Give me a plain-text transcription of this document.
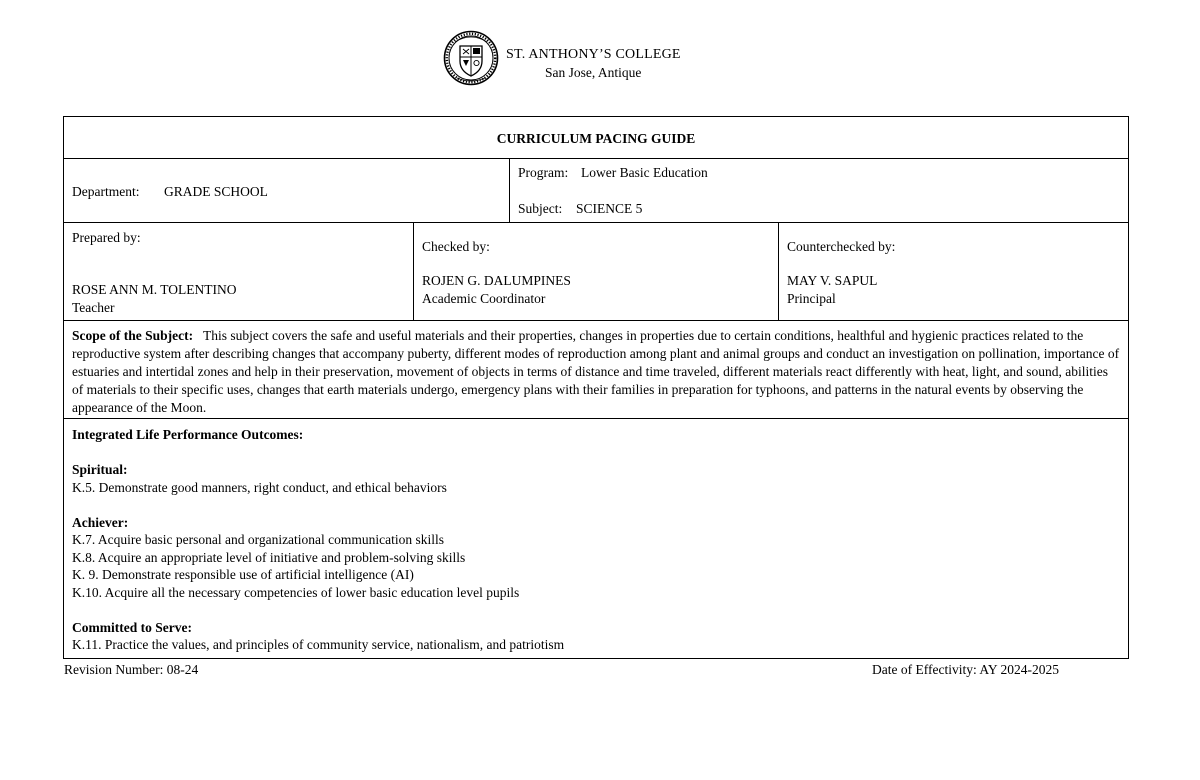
ST. ANTHONY’S COLLEGE
San Jose, Antique
CURRICULUM PACING GUIDE
Department: GRADE SCHOOL
Program: Lower Basic Education
Subject: SCIENCE 5
Prepared by:
ROSE ANN M. TOLENTINO
Teacher
Checked by:
ROJEN G. DALUMPINES
Academic Coordinator
Counterchecked by:
MAY V. SAPUL
Principal
Scope of the Subject: This subject covers the safe and useful materials and their properties, changes in properties due to certain conditions, healthful and hygienic practices related to the reproductive system after describing changes that accompany puberty, different modes of reproduction among plant and animal groups and conduct an investigation on pollination, importance of estuaries and intertidal zones and help in their preservation, movement of objects in terms of distance and time traveled, different materials react differently with heat, light, and sound, abilities of materials to their specific uses, changes that earth materials undergo, emergency plans with their families in preparation for typhoons, and patterns in the natural events by observing the appearance of the Moon.
Integrated Life Performance Outcomes:
Spiritual:
K.5. Demonstrate good manners, right conduct, and ethical behaviors
Achiever:
K.7. Acquire basic personal and organizational communication skills
K.8. Acquire an appropriate level of initiative and problem-solving skills
K. 9. Demonstrate responsible use of artificial intelligence (AI)
K.10. Acquire all the necessary competencies of lower basic education level pupils
Committed to Serve:
K.11. Practice the values, and principles of community service, nationalism, and patriotism
Revision Number: 08-24	Date of Effectivity: AY 2024-2025
